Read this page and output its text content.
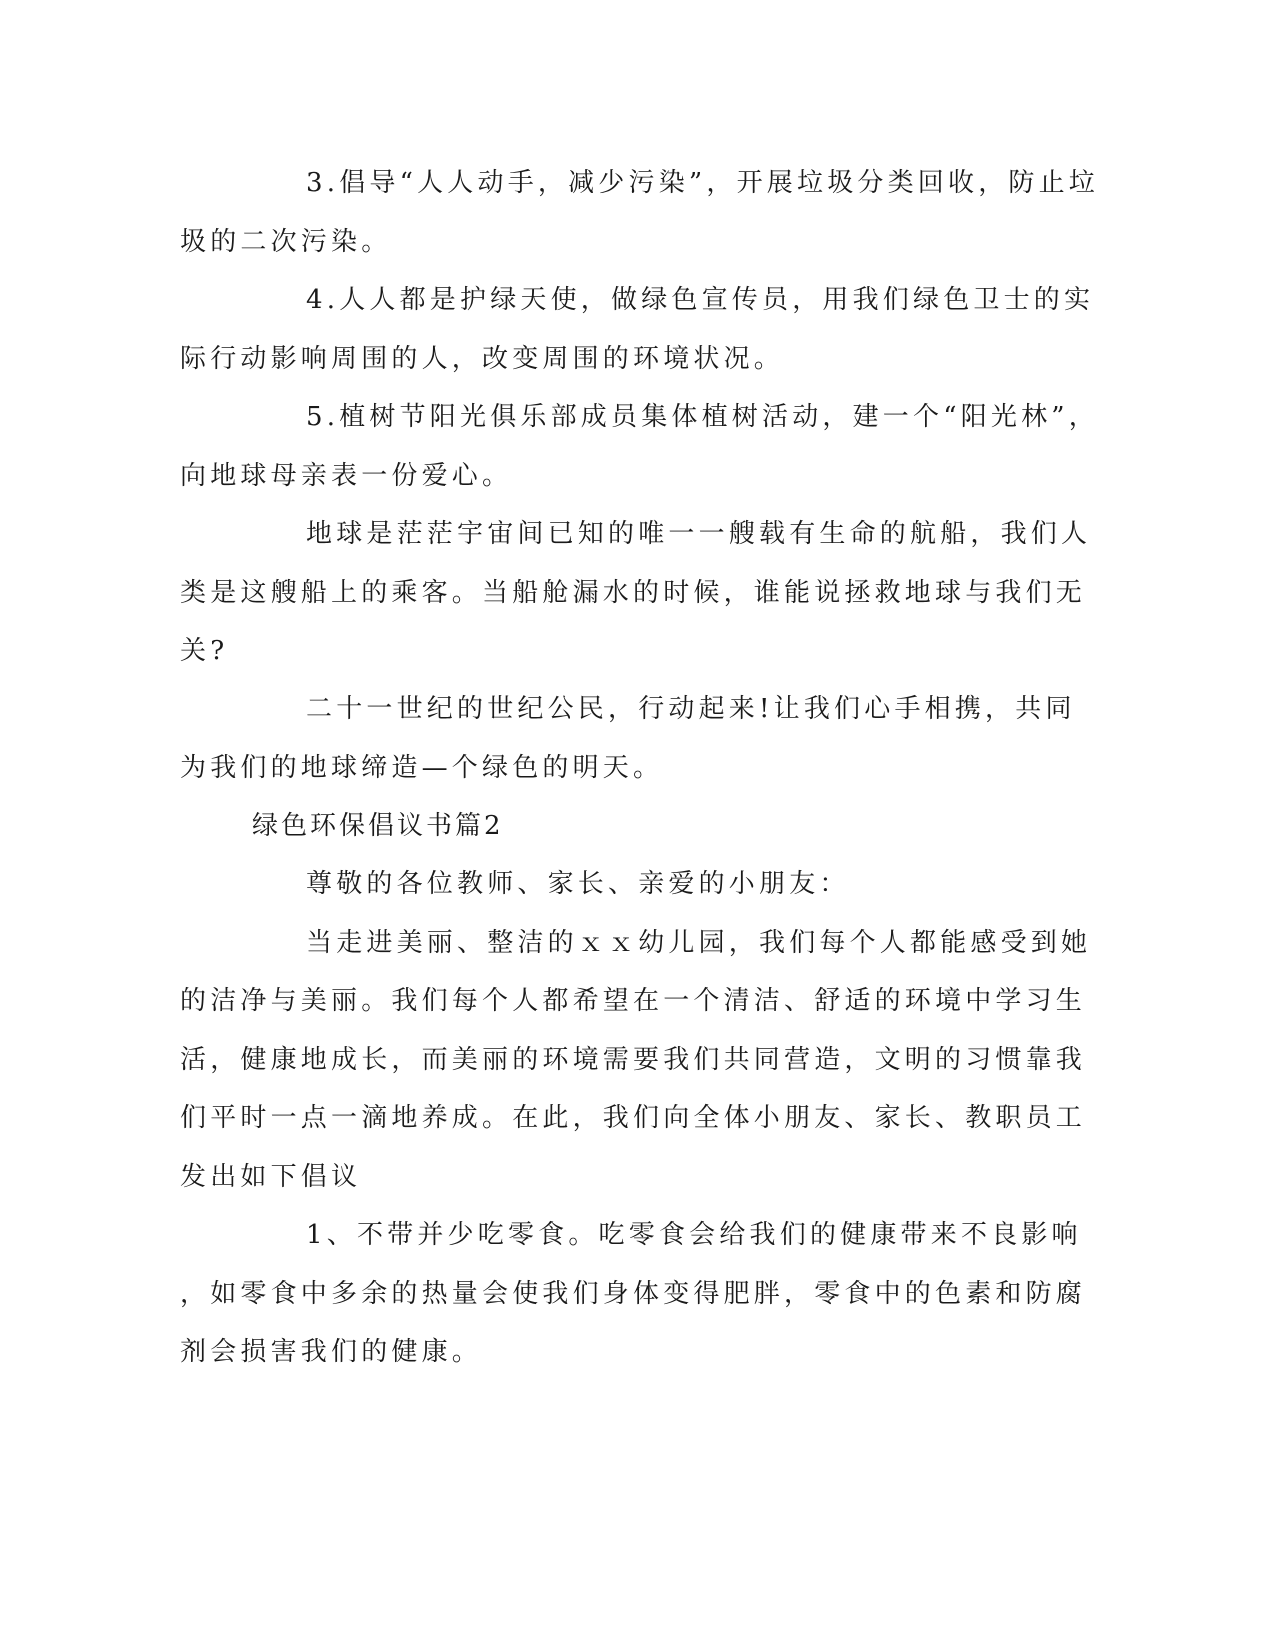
3.倡导“人人动手，减少污染”，开展垃圾分类回收，防止垃
圾的二次污染。
4.人人都是护绿天使，做绿色宣传员，用我们绿色卫士的实
际行动影响周围的人，改变周围的环境状况。
5.植树节阳光俱乐部成员集体植树活动，建一个“阳光林”，
向地球母亲表一份爱心。
地球是茫茫宇宙间已知的唯一一艘载有生命的航船，我们人
类是这艘船上的乘客。当船舱漏水的时候，谁能说拯救地球与我们无
关?
二十一世纪的世纪公民，行动起来!让我们心手相携，共同
为我们的地球缔造—个绿色的明天。
绿色环保倡议书篇2
尊敬的各位教师、家长、亲爱的小朋友：
当走进美丽、整洁的ｘｘ幼儿园，我们每个人都能感受到她
的洁净与美丽。我们每个人都希望在一个清洁、舒适的环境中学习生
活，健康地成长，而美丽的环境需要我们共同营造，文明的习惯靠我
们平时一点一滴地养成。在此，我们向全体小朋友、家长、教职员工
发出如下倡议
1、不带并少吃零食。吃零食会给我们的健康带来不良影响
，如零食中多余的热量会使我们身体变得肥胖，零食中的色素和防腐
剂会损害我们的健康。
